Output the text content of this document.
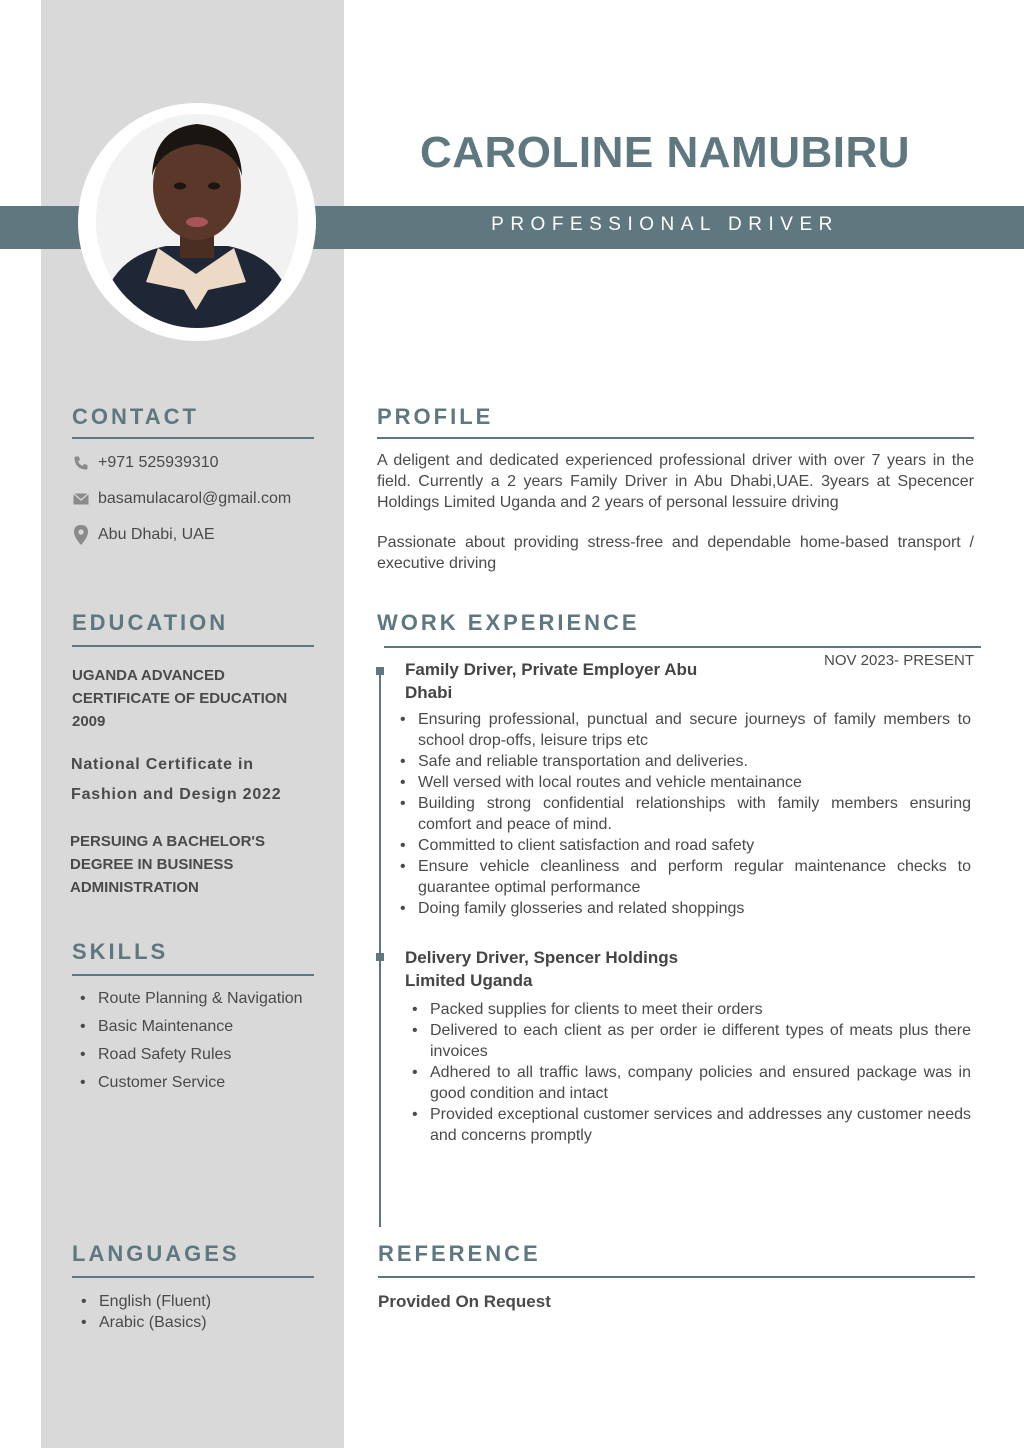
CAROLINE NAMUBIRU
PROFESSIONAL DRIVER
CONTACT
+971 525939310
basamulacarol@gmail.com
Abu Dhabi, UAE
EDUCATION
UGANDA ADVANCED CERTIFICATE OF EDUCATION 2009
National Certificate in Fashion and Design 2022
PERSUING A BACHELOR'S DEGREE IN BUSINESS ADMINISTRATION
SKILLS
• Route Planning & Navigation
• Basic Maintenance
• Road Safety Rules
• Customer Service
LANGUAGES
• English (Fluent)
• Arabic (Basics)
PROFILE
A deligent and dedicated experienced professional driver with over 7 years in the field. Currently a 2 years Family Driver in Abu Dhabi,UAE. 3years at Specencer Holdings Limited Uganda and 2 years of personal lessuire driving
Passionate about providing stress-free and dependable home-based transport / executive driving
WORK EXPERIENCE
Family Driver, Private Employer Abu Dhabi
NOV 2023- PRESENT
• Ensuring professional, punctual and secure journeys of family members to school drop-offs, leisure trips etc
• Safe and reliable transportation and deliveries.
• Well versed with local routes and vehicle mentainance
• Building strong confidential relationships with family members ensuring comfort and peace of mind.
• Committed to client satisfaction and road safety
• Ensure vehicle cleanliness and perform regular maintenance checks to guarantee optimal performance
• Doing family glosseries and related shoppings
Delivery Driver, Spencer Holdings Limited Uganda
• Packed supplies for clients to meet their orders
• Delivered to each client as per order ie different types of meats plus there invoices
• Adhered to all traffic laws, company policies and ensured package was in good condition and intact
• Provided exceptional customer services and addresses any customer needs and concerns promptly
REFERENCE
Provided On Request
